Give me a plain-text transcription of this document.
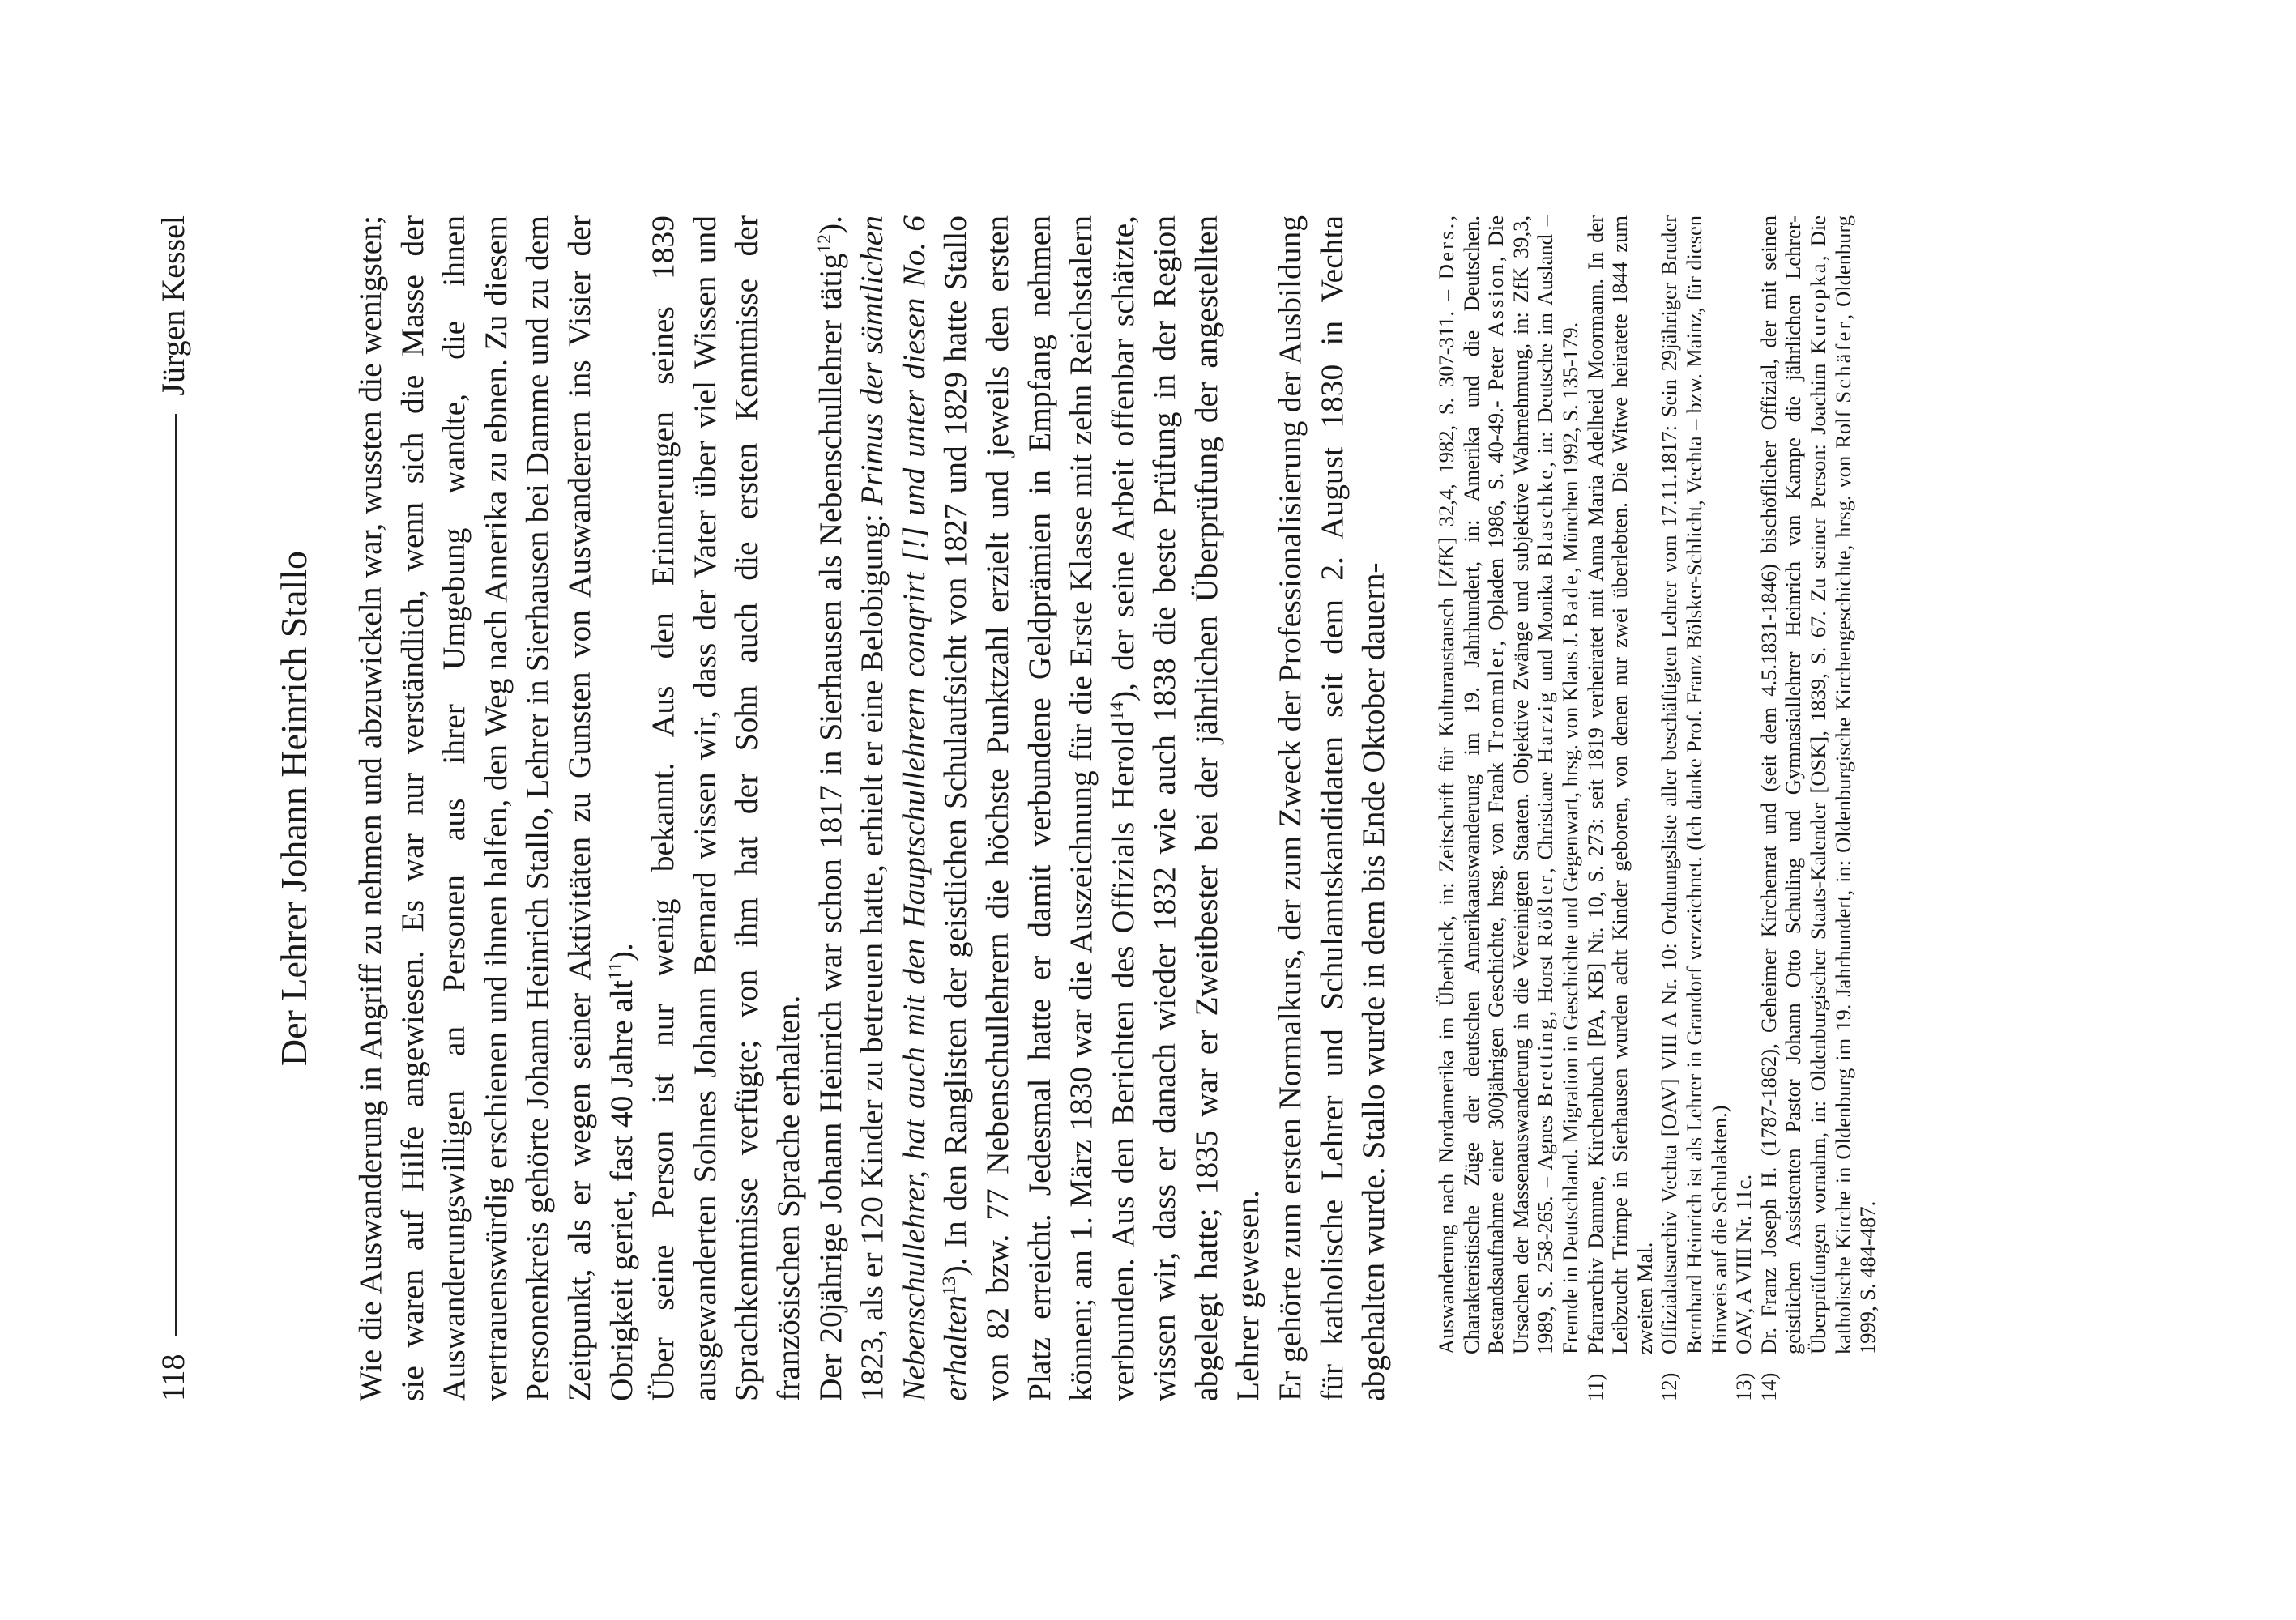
118
Jürgen Kessel
Der Lehrer Johann Heinrich Stallo Wie die Auswanderung in Angriff zu nehmen und abzuwickeln war, wussten die wenigsten; sie waren auf Hilfe angewiesen. Es war nur verständlich, wenn sich die Masse der Auswanderungswilligen an Personen aus ihrer Umgebung wandte, die ihnen vertrauenswürdig erschienen und ihnen halfen, den Weg nach Amerika zu ebnen. Zu diesem Personenkreis gehörte Johann Heinrich Stallo, Lehrer in Sierhausen bei Damme und zu dem Zeitpunkt, als er wegen seiner Aktivitäten zu Gunsten von Auswanderern ins Visier der Obrigkeit geriet, fast 40 Jahre alt$^{11}$). Über seine Person ist nur wenig bekannt. Aus den Erinnerungen seines 1839 ausgewanderten Sohnes Johann Bernard wissen wir, dass der Vater über viel Wissen und Sprachkenntnisse verfügte; von ihm hat der Sohn auch die ersten Kenntnisse der französischen Sprache erhalten. Der 20jährige Johann Heinrich war schon 1817 in Sierhausen als Nebenschullehrer tätig$^{12}$). 1823, als er 120 Kinder zu betreuen hatte, erhielt er eine Belobigung: Primus der sämtlichen Nebenschullehrer, hat auch mit den Hauptschullehrern conqrirt [!] und unter diesen No. 6 erhalten$^{13}$). In den Ranglisten der geistlichen Schulaufsicht von 1827 und 1829 hatte Stallo von 82 bzw. 77 Nebenschullehrern die höchste Punktzahl erzielt und jeweils den ersten Platz erreicht. Jedesmal hatte er damit verbundene Geldprämien in Empfang nehmen können; am 1. März 1830 war die Auszeichnung für die Erste Klasse mit zehn Reichstalern verbunden. Aus den Berichten des Offizials Herold$^{14}$), der seine Arbeit offenbar schätzte, wissen wir, dass er danach wieder 1832 wie auch 1838 die beste Prüfung in der Region abgelegt hatte; 1835 war er Zweitbester bei der jährlichen Überprüfung der angestellten Lehrer gewesen. Er gehörte zum ersten Normalkurs, der zum Zweck der Professionalisierung der Ausbildung für katholische Lehrer und Schulamtskandidaten seit dem 2. August 1830 in Vechta abgehalten wurde. Stallo wurde in dem bis Ende Oktober dauern- Auswanderung nach Nordamerika im Überblick, in: Zeitschrift für Kulturaustausch [ZfK] 32,4, 1982, S. 307-311. – Ders., Charakteristische Züge der deutschen Amerikaauswanderung im 19. Jahrhundert, in: Amerika und die Deutschen. Bestandsaufnahme einer 300jährigen Geschichte, hrsg. von Frank Trommler, Opladen 1986, S. 40-49.- Peter Assion, Die Ursachen der Massenauswanderung in die Vereinigten Staaten. Objektive Zwänge und subjektive Wahrnehmung, in: ZfK 39,3, 1989, S. 258-265. – Agnes Bretting, Horst Rößler, Christiane Harzig und Monika Blaschke, in: Deutsche im Ausland – Fremde in Deutschland. Migration in Geschichte und Gegenwart, hrsg. von Klaus J. Bade, München 1992, S. 135-179.
11)
Pfarrarchiv Damme, Kirchenbuch [PA, KB] Nr. 10, S. 273: seit 1819 verheiratet mit Anna Maria Adelheid Moormann. In der Leibzucht Trimpe in Sierhausen wurden acht Kinder geboren, von denen nur zwei überlebten. Die Witwe heiratete 1844 zum zweiten Mal.
12)
Offizialatsarchiv Vechta [OAV] VIII A Nr. 10: Ordnungsliste aller beschäftigten Lehrer vom 17.11.1817: Sein 29jähriger Bruder Bernhard Heinrich ist als Lehrer in Grandorf verzeichnet. (Ich danke Prof. Franz Bölsker-Schlicht, Vechta – bzw. Mainz, für diesen Hinweis auf die Schulakten.)
13)
OAV, A VIII Nr. 11c.
14)
Dr. Franz Joseph H. (1787-1862), Geheimer Kirchenrat und (seit dem 4.5.1831-1846) bischöflicher Offizial, der mit seinen geistlichen Assistenten Pastor Johann Otto Schuling und Gymnasiallehrer Heinrich van Kampe die jährlichen Lehrer-Überprüfungen vornahm, in: Oldenburgischer Staats-Kalender [OSK], 1839, S. 67. Zu seiner Person: Joachim Kuropka, Die katholische Kirche in Oldenburg im 19. Jahrhundert, in: Oldenburgische Kirchengeschichte, hrsg. von Rolf Schäfer, Oldenburg 1999, S. 484-487.
